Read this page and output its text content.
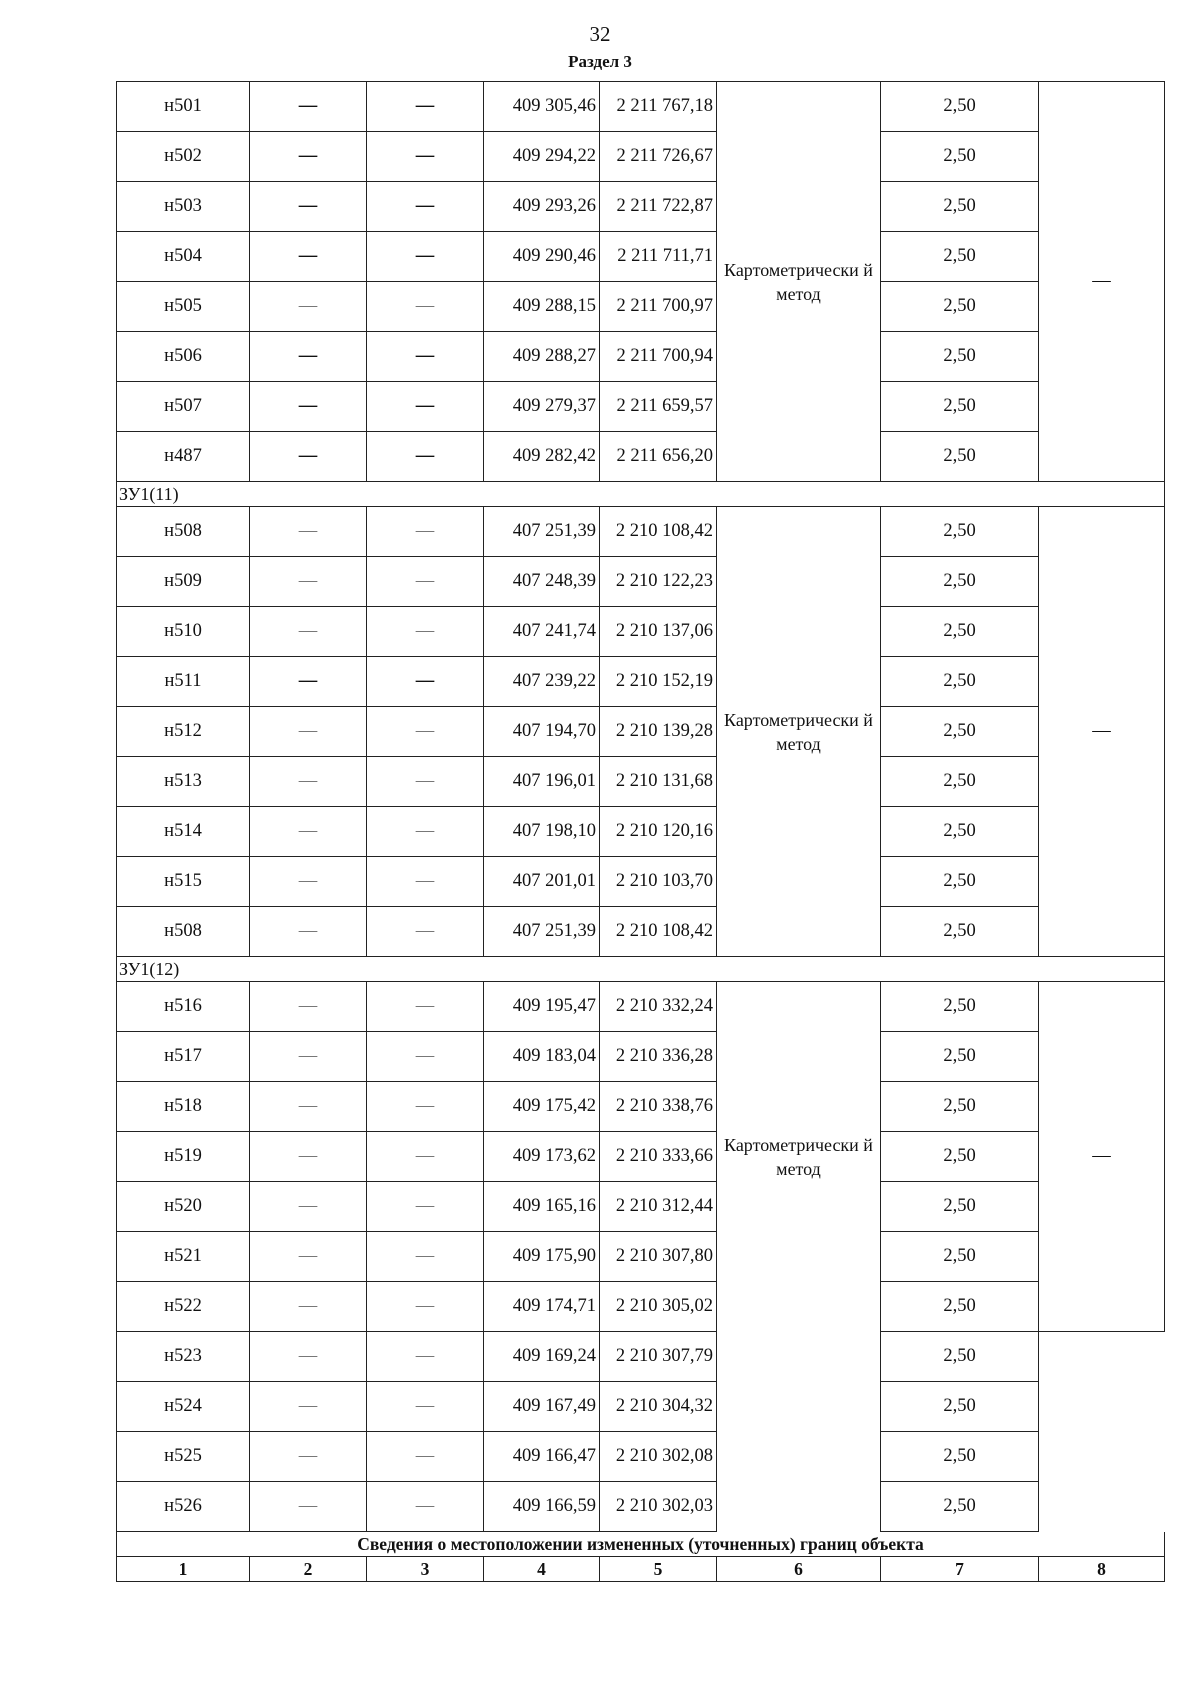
32
Раздел 3
н501	—	—	409 305,46	2 211 767,18	Картометрически й метод	2,50	—
н502	—	—	409 294,22	2 211 726,67		2,50	
н503	—	—	409 293,26	2 211 722,87		2,50	
н504	—	—	409 290,46	2 211 711,71		2,50	
н505	—	—	409 288,15	2 211 700,97		2,50	
н506	—	—	409 288,27	2 211 700,94		2,50	
н507	—	—	409 279,37	2 211 659,57		2,50	
н487	—	—	409 282,42	2 211 656,20		2,50	
ЗУ1(11)							
н508	—	—	407 251,39	2 210 108,42	Картометрически й метод	2,50	—
н509	—	—	407 248,39	2 210 122,23		2,50	
н510	—	—	407 241,74	2 210 137,06		2,50	
н511	—	—	407 239,22	2 210 152,19		2,50	
н512	—	—	407 194,70	2 210 139,28		2,50	
н513	—	—	407 196,01	2 210 131,68		2,50	
н514	—	—	407 198,10	2 210 120,16		2,50	
н515	—	—	407 201,01	2 210 103,70		2,50	
н508	—	—	407 251,39	2 210 108,42		2,50	
ЗУ1(12)							
н516	—	—	409 195,47	2 210 332,24	Картометрически й метод	2,50	—
н517	—	—	409 183,04	2 210 336,28		2,50	
н518	—	—	409 175,42	2 210 338,76		2,50	
н519	—	—	409 173,62	2 210 333,66		2,50	
н520	—	—	409 165,16	2 210 312,44		2,50	
н521	—	—	409 175,90	2 210 307,80		2,50	
н522	—	—	409 174,71	2 210 305,02		2,50	
н523	—	—	409 169,24	2 210 307,79		2,50	
н524	—	—	409 167,49	2 210 304,32		2,50	
н525	—	—	409 166,47	2 210 302,08		2,50	
н526	—	—	409 166,59	2 210 302,03		2,50	
Сведения о местоположении измененных (уточненных) границ объекта							
1	2	3	4	5	6	7	8
